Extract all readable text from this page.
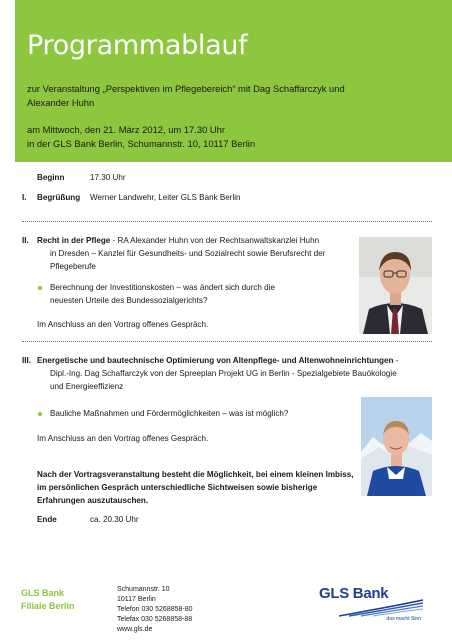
Programmablauf
zur Veranstaltung „Perspektiven im Pflegebereich“ mit Dag Schaffarczyk und
Alexander Huhn
am Mittwoch, den 21. März 2012, um 17.30 Uhr
in der GLS Bank Berlin, Schumannstr. 10, 10117 Berlin
Beginn	17.30 Uhr
I. Begrüßung Werner Landwehr, Leiter GLS Bank Berlin
II. Recht in der Pflege - RA Alexander Huhn von der Rechtsanwaltskanzlei Huhn
in Dresden – Kanzlei für Gesundheits- und Sozialrecht sowie Berufsrecht der
Pflegeberufe
Berechnung der Investitionskosten – was ändert sich durch die
neuesten Urteile des Bundessozialgerichts?
Im Anschluss an den Vortrag offenes Gespräch.
III. Energetische und bautechnische Optimierung von Altenpflege- und Altenwohneinrichtungen -
Dipl.-Ing. Dag Schaffarczyk von der Spreeplan Projekt UG in Berlin - Spezialgebiete Bauökologie
und Energieeffizienz
Bauliche Maßnahmen und Fördermöglichkeiten – was ist möglich?
Im Anschluss an den Vortrag offenes Gespräch.
Nach der Vortragsveranstaltung besteht die Möglichkeit, bei einem kleinen Imbiss,
im persönlichen Gespräch unterschiedliche Sichtweisen sowie bisherige
Erfahrungen auszutauschen.
Ende	ca. 20.30 Uhr
GLS Bank
Filiale Berlin
Schumannstr. 10
10117 Berlin
Telefon 030 5268858-80
Telefax 030 5268858-88
www.gls.de
GLS Bank
das macht Sinn
